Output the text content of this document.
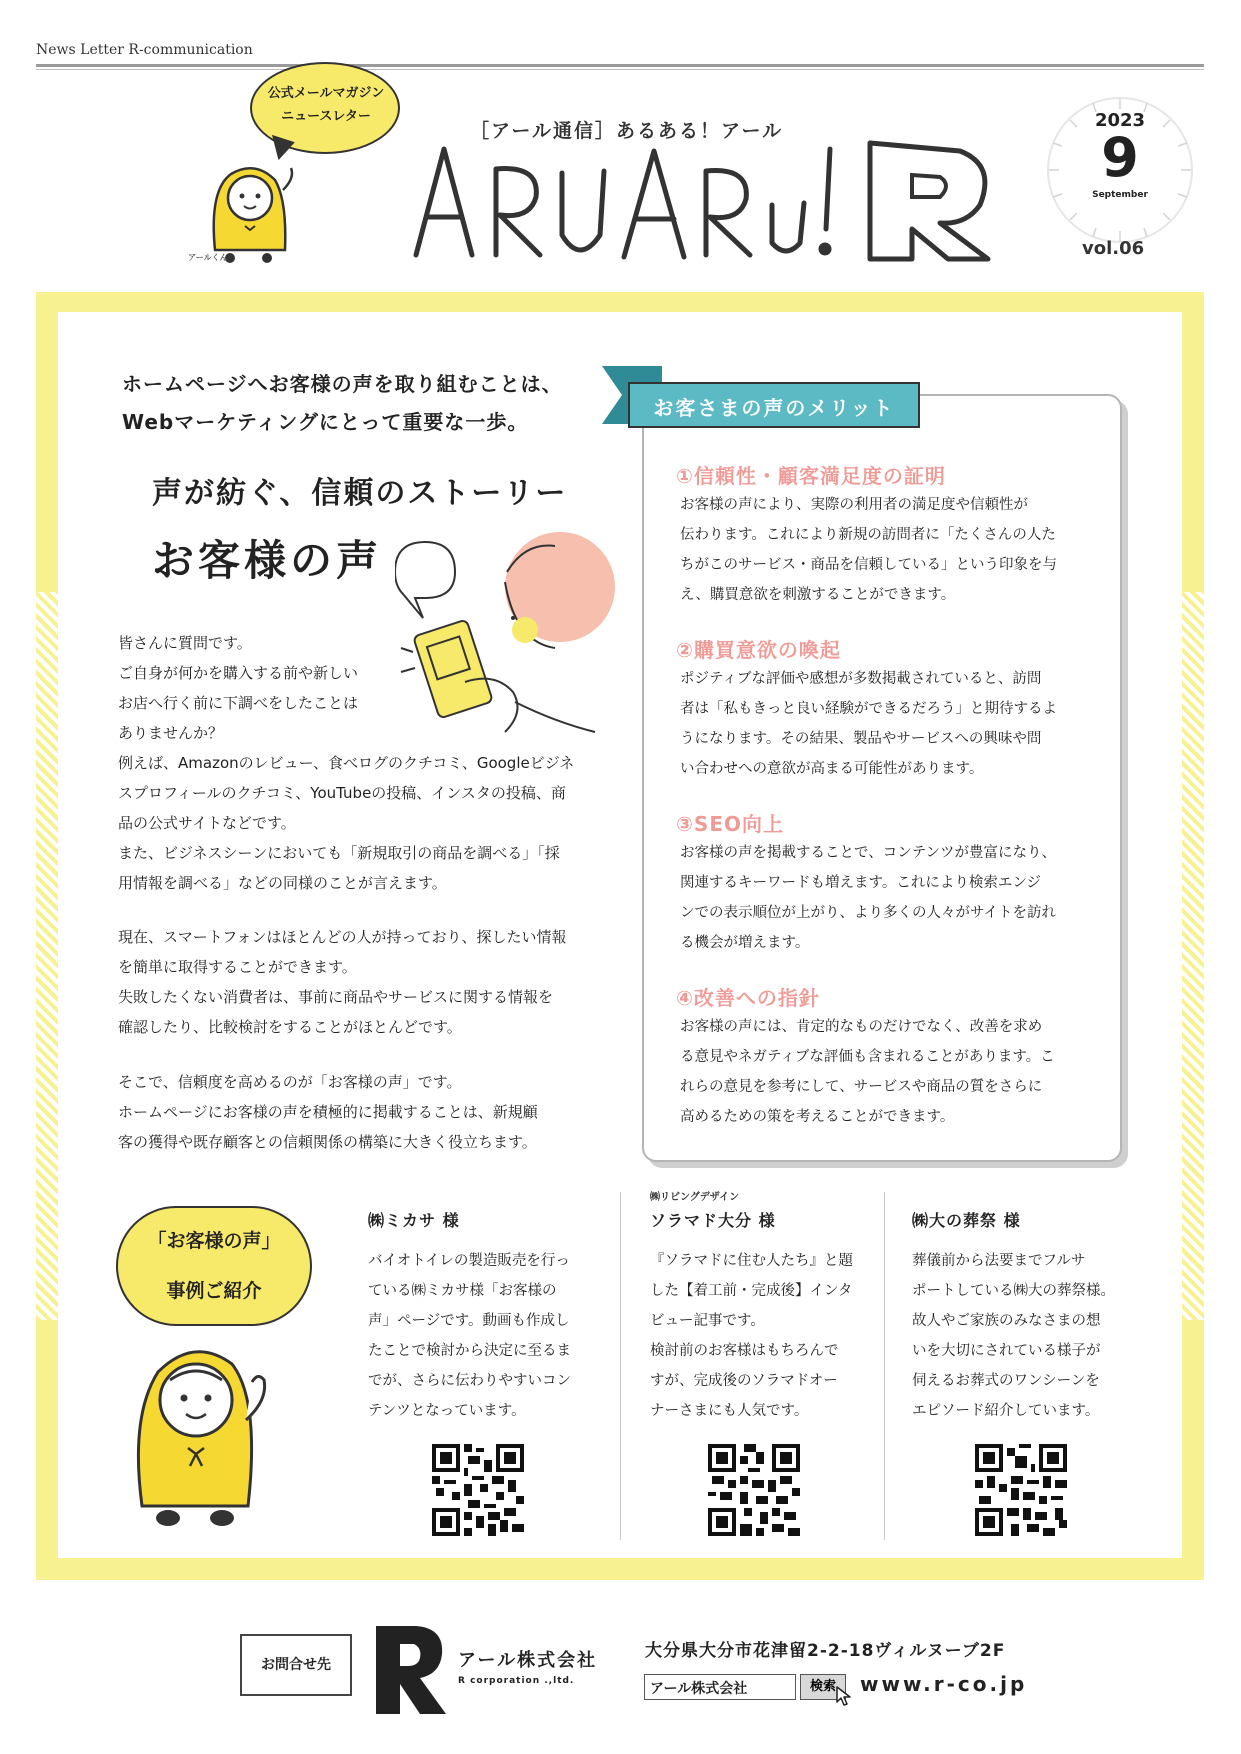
News Letter R-communication
公式メールマガジン
ニュースレター
アールくん
［アール通信］あるある！アール	2023
9
September
vol.06
ホームページへお客様の声を取り組むことは、
Webマーケティングにとって重要な一歩。
声が紡ぐ、信頼のストーリー
お客様の声
皆さんに質問です。
ご自身が何かを購入する前や新しい
お店へ行く前に下調べをしたことは
ありませんか？
例えば、Amazonのレビュー、食べログのクチコミ、Googleビジネ
スプロフィールのクチコミ、YouTubeの投稿、インスタの投稿、商
品の公式サイトなどです。
また、ビジネスシーンにおいても「新規取引の商品を調べる」「採
用情報を調べる」などの同様のことが言えます。
現在、スマートフォンはほとんどの人が持っており、探したい情報
を簡単に取得することができます。
失敗したくない消費者は、事前に商品やサービスに関する情報を
確認したり、比較検討をすることがほとんどです。
そこで、信頼度を高めるのが「お客様の声」です。
ホームページにお客様の声を積極的に掲載することは、新規顧
客の獲得や既存顧客との信頼関係の構築に大きく役立ちます。
お客さまの声のメリット
①信頼性・顧客満足度の証明
お客様の声により、実際の利用者の満足度や信頼性が
伝わります。これにより新規の訪問者に「たくさんの人た
ちがこのサービス・商品を信頼している」という印象を与
え、購買意欲を刺激することができます。
②購買意欲の喚起
ポジティブな評価や感想が多数掲載されていると、訪問
者は「私もきっと良い経験ができるだろう」と期待するよ
うになります。その結果、製品やサービスへの興味や問
い合わせへの意欲が高まる可能性があります。
③SEO向上
お客様の声を掲載することで、コンテンツが豊富になり、
関連するキーワードも増えます。これにより検索エンジ
ンでの表示順位が上がり、より多くの人々がサイトを訪れ
る機会が増えます。
④改善への指針
お客様の声には、肯定的なものだけでなく、改善を求め
る意見やネガティブな評価も含まれることがあります。こ
れらの意見を参考にして、サービスや商品の質をさらに
高めるための策を考えることができます。
「お客様の声」
事例ご紹介
㈱ミカサ 様
バイオトイレの製造販売を行っ
ている㈱ミカサ様「お客様の
声」ページです。動画も作成し
たことで検討から決定に至るま
でが、さらに伝わりやすいコン
テンツとなっています。
㈱リビングデザイン
ソラマド大分 様
『ソラマドに住む人たち』と題
した【着工前・完成後】インタ
ビュー記事です。
検討前のお客様はもちろんで
すが、完成後のソラマドオー
ナーさまにも人気です。
㈱大の葬祭 様
葬儀前から法要までフルサ
ポートしている㈱大の葬祭様。
故人やご家族のみなさまの想
いを大切にされている様子が
伺えるお葬式のワンシーンを
エピソード紹介しています。
お問合せ先	アール株式会社
R corporation .,ltd.
大分県大分市花津留2-2-18ヴィルヌーブ2F
アール株式会社	検索	www.r-co.jp
